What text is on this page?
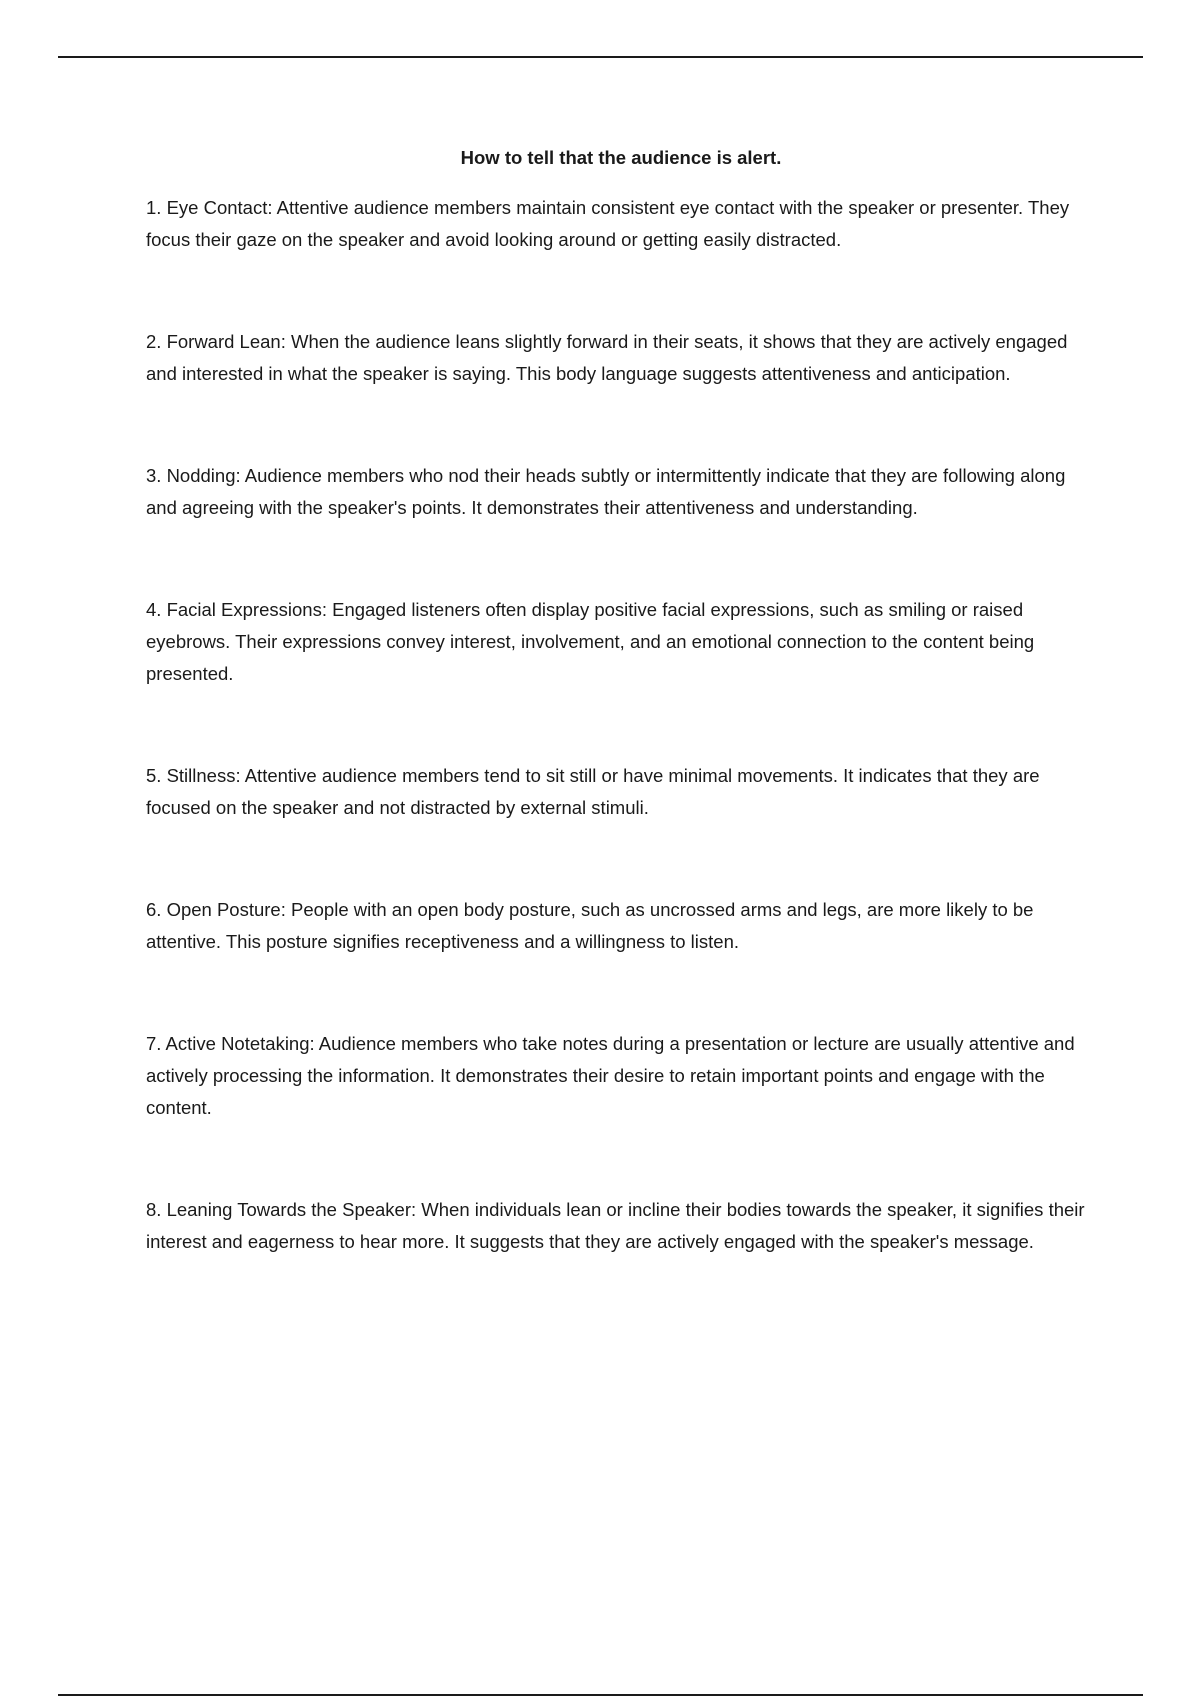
How to tell that the audience is alert.

1. Eye Contact: Attentive audience members maintain consistent eye contact with the speaker or presenter. They focus their gaze on the speaker and avoid looking around or getting easily distracted.

2. Forward Lean: When the audience leans slightly forward in their seats, it shows that they are actively engaged and interested in what the speaker is saying. This body language suggests attentiveness and anticipation.

3. Nodding: Audience members who nod their heads subtly or intermittently indicate that they are following along and agreeing with the speaker's points. It demonstrates their attentiveness and understanding.

4. Facial Expressions: Engaged listeners often display positive facial expressions, such as smiling or raised eyebrows. Their expressions convey interest, involvement, and an emotional connection to the content being presented.

5. Stillness: Attentive audience members tend to sit still or have minimal movements. It indicates that they are focused on the speaker and not distracted by external stimuli.

6. Open Posture: People with an open body posture, such as uncrossed arms and legs, are more likely to be attentive. This posture signifies receptiveness and a willingness to listen.

7. Active Notetaking: Audience members who take notes during a presentation or lecture are usually attentive and actively processing the information. It demonstrates their desire to retain important points and engage with the content.

8. Leaning Towards the Speaker: When individuals lean or incline their bodies towards the speaker, it signifies their interest and eagerness to hear more. It suggests that they are actively engaged with the speaker's message.
